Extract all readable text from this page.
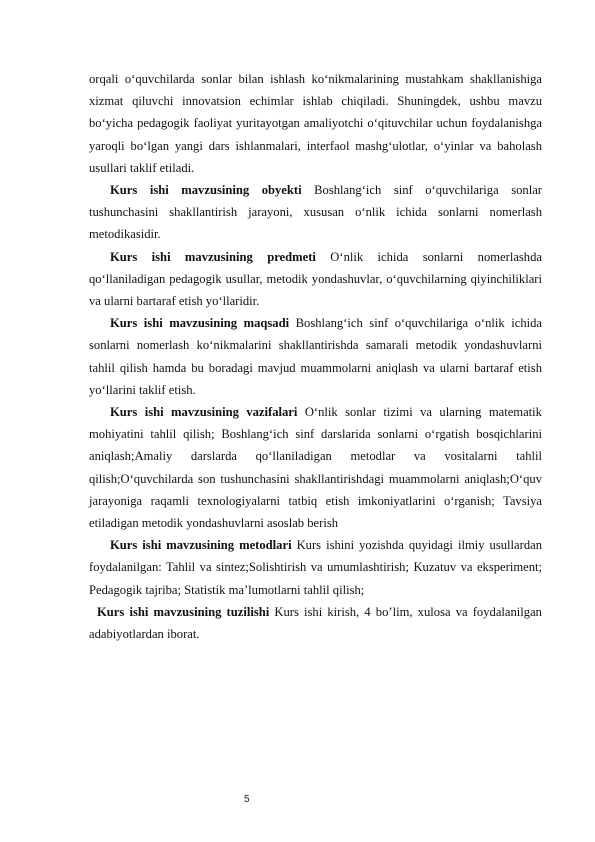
orqali o‘quvchilarda sonlar bilan ishlash ko‘nikmalarining mustahkam shakllanishiga xizmat qiluvchi innovatsion echimlar ishlab chiqiladi. Shuningdek, ushbu mavzu bo‘yicha pedagogik faoliyat yuritayotgan amaliyotchi o‘qituvchilar uchun foydalanishga yaroqli bo‘lgan yangi dars ishlanmalari, interfaol mashg‘ulotlar, o‘yinlar va baholash usullari taklif etiladi.

Kurs ishi mavzusining obyekti Boshlang‘ich sinf o‘quvchilariga sonlar tushunchasini shakllantirish jarayoni, xususan o‘nlik ichida sonlarni nomerlash metodikasidir.

Kurs ishi mavzusining predmeti O‘nlik ichida sonlarni nomerlashda qo‘llaniladigan pedagogik usullar, metodik yondashuvlar, o‘quvchilarning qiyinchiliklari va ularni bartaraf etish yo‘llaridir.

Kurs ishi mavzusining maqsadi Boshlang‘ich sinf o‘quvchilariga o‘nlik ichida sonlarni nomerlash ko‘nikmalarini shakllantirishda samarali metodik yondashuvlarni tahlil qilish hamda bu boradagi mavjud muammolarni aniqlash va ularni bartaraf etish yo‘llarini taklif etish.

Kurs ishi mavzusining vazifalari O‘nlik sonlar tizimi va ularning matematik mohiyatini tahlil qilish; Boshlang‘ich sinf darslarida sonlarni o‘rgatish bosqichlarini aniqlash;Amaliy darslarda qo‘llaniladigan metodlar va vositalarni tahlil qilish;O‘quvchilarda son tushunchasini shakllantirishdagi muammolarni aniqlash;O‘quv jarayoniga raqamli texnologiyalarni tatbiq etish imkoniyatlarini o‘rganish; Tavsiya etiladigan metodik yondashuvlarni asoslab berish

Kurs ishi mavzusining metodlari Kurs ishini yozishda quyidagi ilmiy usullardan foydalanilgan: Tahlil va sintez;Solishtirish va umumlashtirish; Kuzatuv va eksperiment; Pedagogik tajriba; Statistik ma’lumotlarni tahlil qilish;

Kurs ishi mavzusining tuzilishi Kurs ishi kirish, 4 bo’lim, xulosa va foydalanilgan adabiyotlardan iborat.

5
